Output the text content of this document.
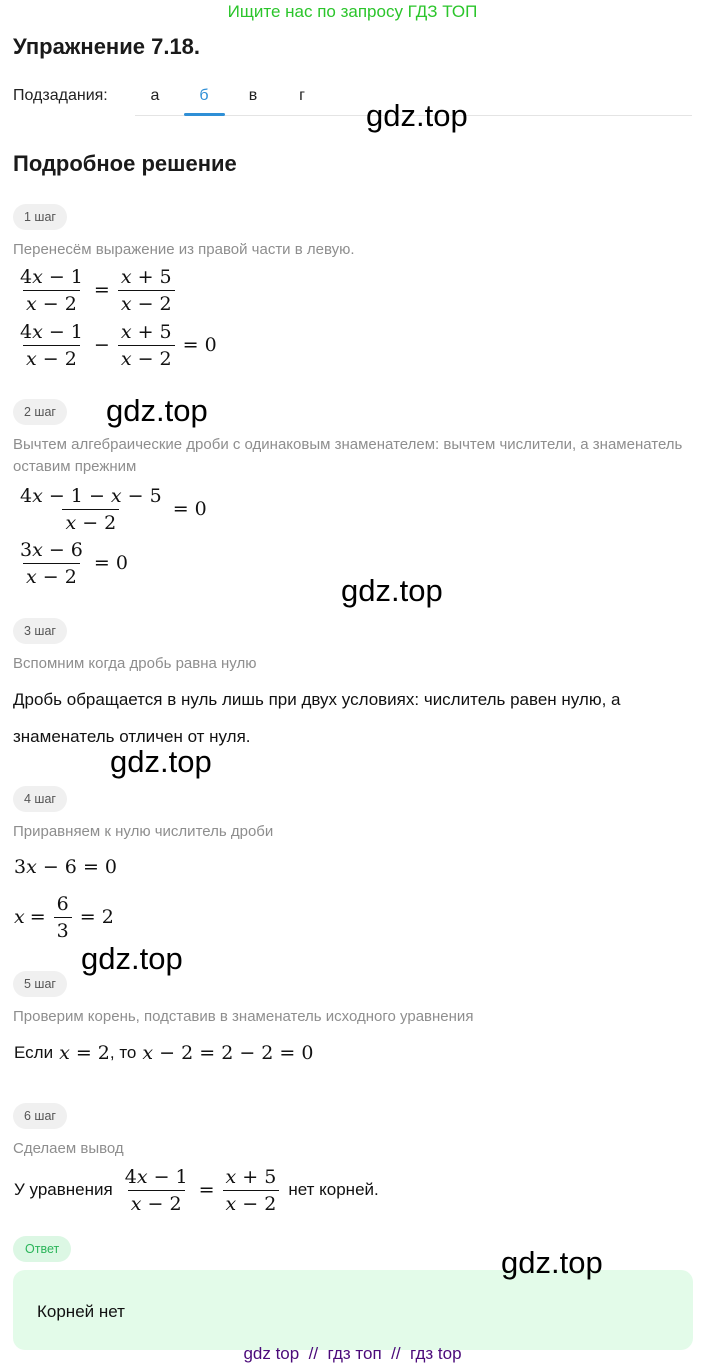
Ищите нас по запросу ГДЗ ТОП
Упражнение 7.18.
Подзадания:	а	б	в	г
gdz.top
Подробное решение
1 шаг
Перенесём выражение из правой части в левую.
$\frac{4x - 1}{x - 2} = \frac{x + 5}{x - 2}$
$\frac{4x - 1}{x - 2} - \frac{x + 5}{x - 2} = 0$
2 шаг	gdz.top
Вычтем алгебраические дроби с одинаковым знаменателем: вычтем числители, а знаменатель оставим прежним
$\frac{4x - 1 - x - 5}{x - 2} = 0$
$\frac{3x - 6}{x - 2} = 0$
gdz.top
3 шаг
Вспомним когда дробь равна нулю
Дробь обращается в нуль лишь при двух условиях: числитель равен нулю, а знаменатель отличен от нуля.
gdz.top
4 шаг
Приравняем к нулю числитель дроби
3x − 6 = 0
$x = \frac{6}{3} = 2$
gdz.top
5 шаг
Проверим корень, подставив в знаменатель исходного уравнения
Если x = 2 , то x − 2 = 2 − 2 = 0
6 шаг
Сделаем вывод
У уравнения $\frac{4x - 1}{x - 2} = \frac{x + 5}{x - 2}$ нет корней.
Ответ
Корней нет
gdz.top
gdz top  //  гдз топ  //  гдз top
